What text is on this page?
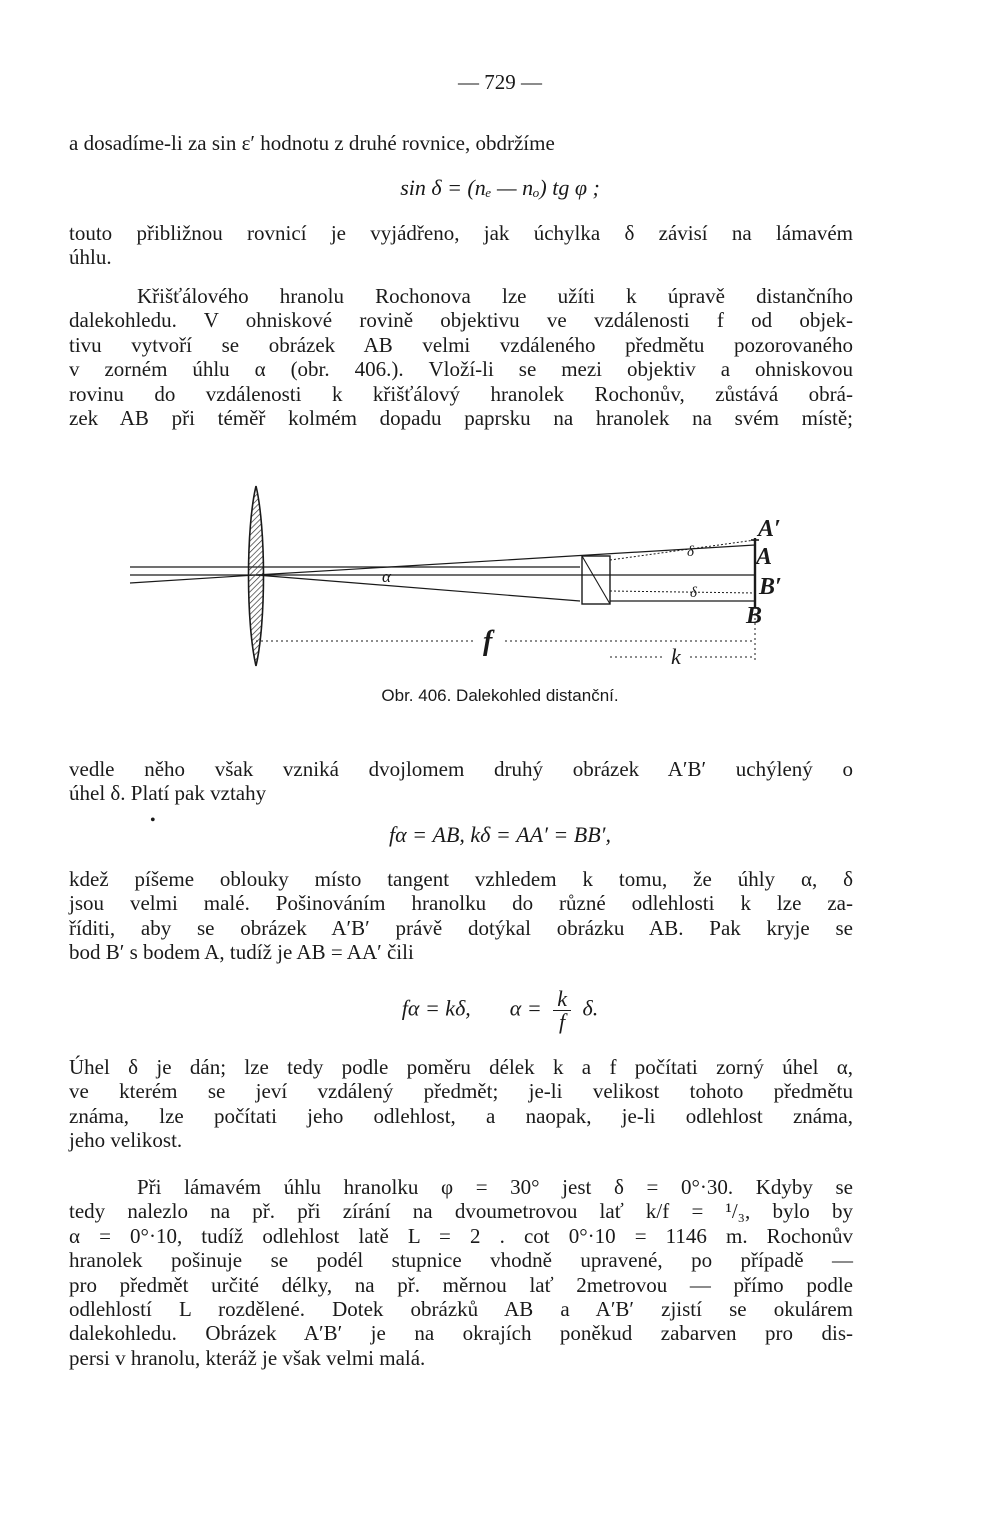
— 729 —
a dosadíme-li za sin ε′ hodnotu z druhé rovnice, obdržíme
sin δ = (nₑ — nₒ) tg φ ;
touto přibližnou rovnicí je vyjádřeno, jak úchylka δ závisí na lámavém
úhlu.
Křišťálového hranolu Rochonova lze užíti k úpravě distančního
dalekohledu. V ohniskové rovině objektivu ve vzdálenosti f od objek-
tivu vytvoří se obrázek AB velmi vzdáleného předmětu pozorovaného
v zorném úhlu α (obr. 406.). Vloží-li se mezi objektiv a ohniskovou
rovinu do vzdálenosti k křišťálový hranolek Rochonův, zůstává obrá-
zek AB při téměř kolmém dopadu paprsku na hranolek na svém místě;
α
δ
δ
A′
A
B′
B
f	k
Obr. 406. Dalekohled distanční.
vedle něho však vzniká dvojlomem druhý obrázek A′B′ uchýlený o
úhel δ. Platí pak vztahy
•
fα = AB, kδ = AA′ = BB′,
kdež píšeme oblouky místo tangent vzhledem k tomu, že úhly α, δ
jsou velmi malé. Pošinováním hranolku do různé odlehlosti k lze za-
říditi, aby se obrázek A′B′ právě dotýkal obrázku AB. Pak kryje se
bod B′ s bodem A, tudíž je AB = AA′ čili
fα = kδ, $\alpha = \frac{k}{f} \delta$.
Úhel δ je dán; lze tedy podle poměru délek k a f počítati zorný úhel α,
ve kterém se jeví vzdálený předmět; je-li velikost tohoto předmětu
známa, lze počítati jeho odlehlost, a naopak, je-li odlehlost známa,
jeho velikost.
Při lámavém úhlu hranolku φ = 30° jest δ = 0°·30. Kdyby se
tedy nalezlo na př. při zírání na dvoumetrovou lať k/f = ¹/₃, bylo by
α = 0°·10, tudíž odlehlost latě L = 2 . cot 0°·10 = 1146 m. Rochonův
hranolek pošinuje se podél stupnice vhodně upravené, po případě —
pro předmět určité délky, na př. měrnou lať 2metrovou — přímo podle
odlehlostí L rozdělené. Dotek obrázků AB a A′B′ zjistí se okulárem
dalekohledu. Obrázek A′B′ je na okrajích poněkud zabarven pro dis-
persi v hranolu, kteráž je však velmi malá.
